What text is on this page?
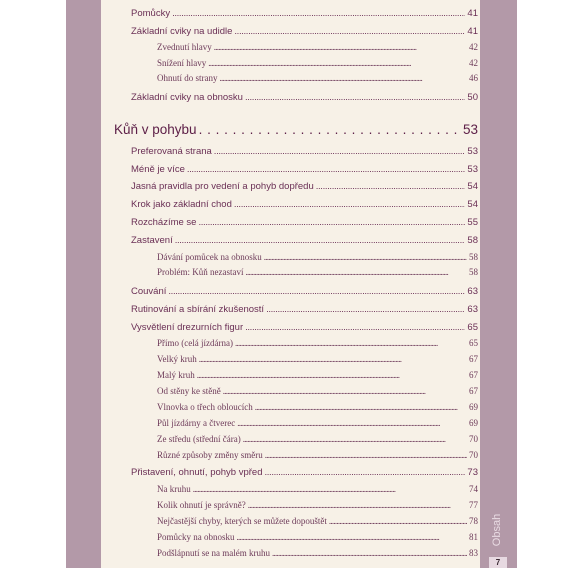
Pomůcky . . .	41
Základní cviky na udidle . . .	41
Zvednutí hlavy . . .	42
Snížení hlavy . . .	42
Ohnutí do strany . . .	46
Základní cviky na obnosku . . .	50
Kůň v pohybu . . .	53
Preferovaná strana . . .	53
Méně je více . . .	53
Jasná pravidla pro vedení a pohyb dopředu . . .	54
Krok jako základní chod . . .	54
Rozcházíme se . . .	55
Zastavení . . .	58
Dávání pomůcek na obnosku . . .	58
Problém: Kůň nezastaví . . .	58
Couvání . . .	63
Rutinování a sbírání zkušeností . . .	63
Vysvětlení drezurních figur . . .	65
Přímo (celá jízdárna) . . .	65
Velký kruh . . .	67
Malý kruh . . .	67
Od stěny ke stěně . . .	67
Vlnovka o třech obloucích . . .	69
Půl jízdárny a čtverec . . .	69
Ze středu (střední čára) . . .	70
Různé způsoby změny směru . . .	70
Přistavení, ohnutí, pohyb vpřed . . .	73
Na kruhu . . .	74
Kolik ohnutí je správně? . . .	77
Nejčastější chyby, kterých se můžete dopouštět . . .	78
Pomůcky na obnosku . . .	81
Podšlápnutí se na malém kruhu . . .	83
Obsah
7
